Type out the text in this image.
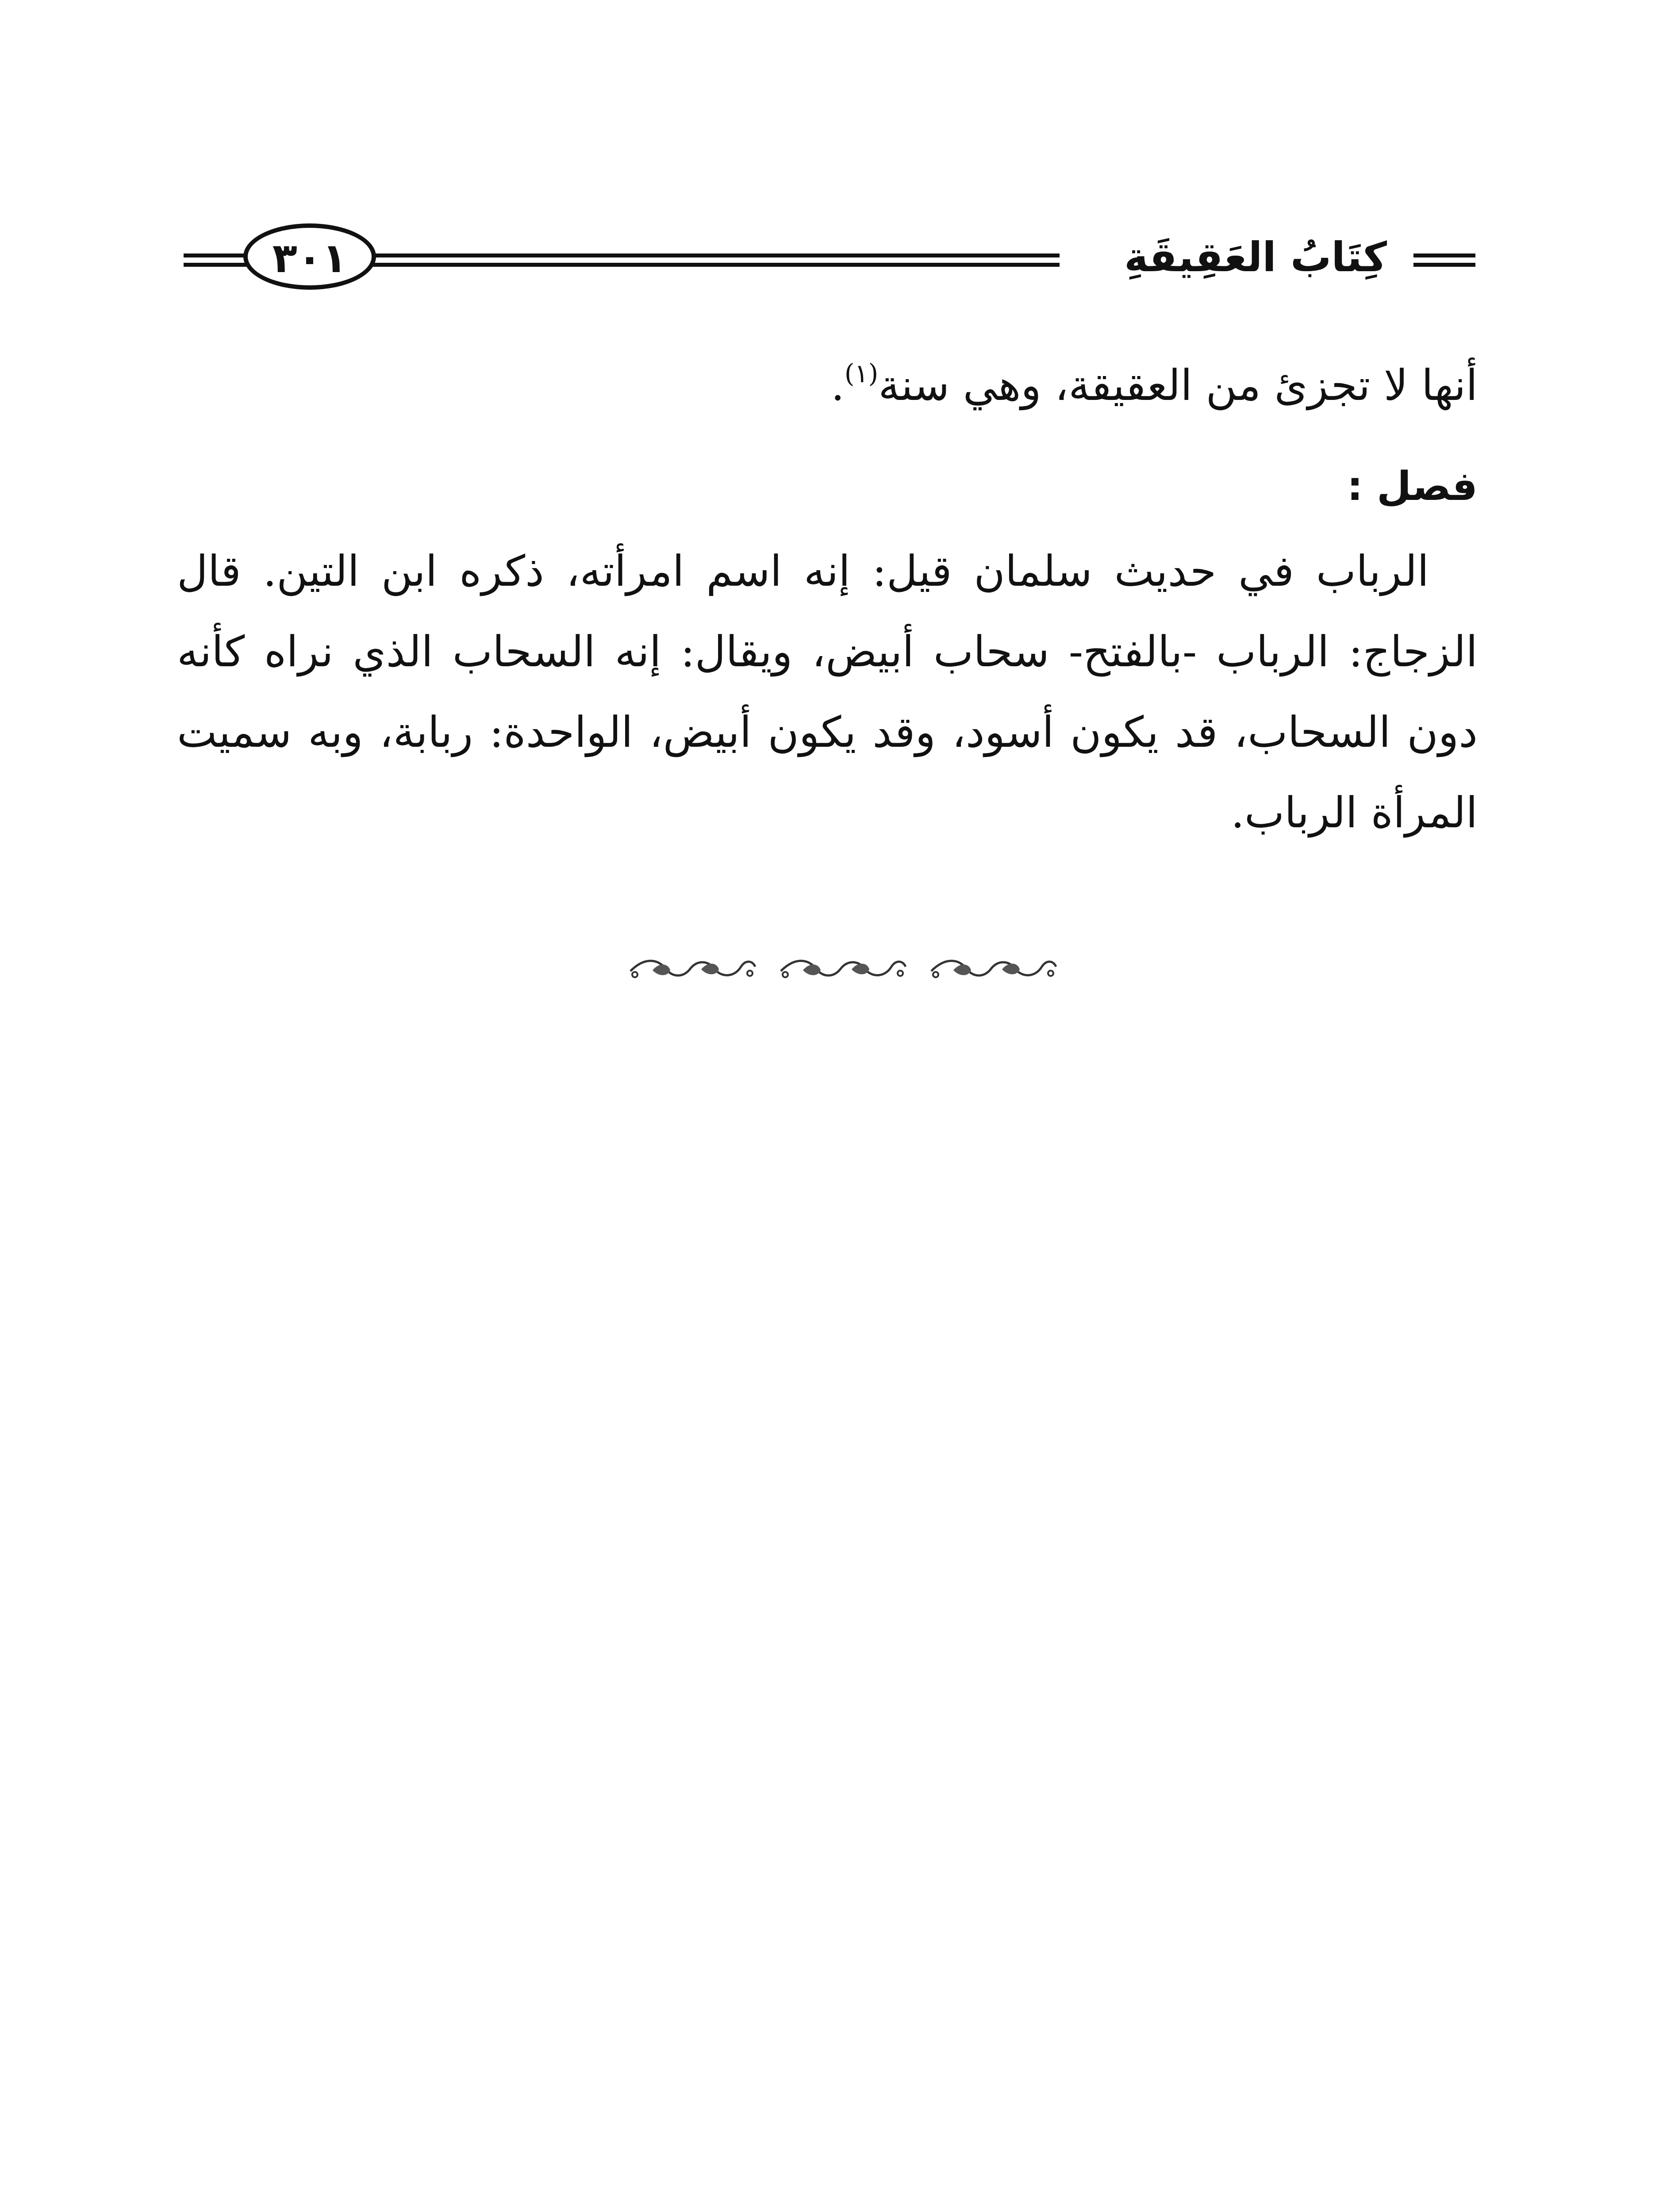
كِتَابُ العَقِيقَةِ
٣٠١

أنها لا تجزئ من العقيقة، وهي سنة$^{(١)}$.

فصل :

الرباب في حديث سلمان قيل: إنه اسم امرأته، ذكره ابن التين. قال الزجاج: الرباب -بالفتح- سحاب أبيض، ويقال: إنه السحاب الذي نراه كأنه دون السحاب، قد يكون أسود، وقد يكون أبيض، الواحدة: ربابة، وبه سميت المرأة الرباب.
